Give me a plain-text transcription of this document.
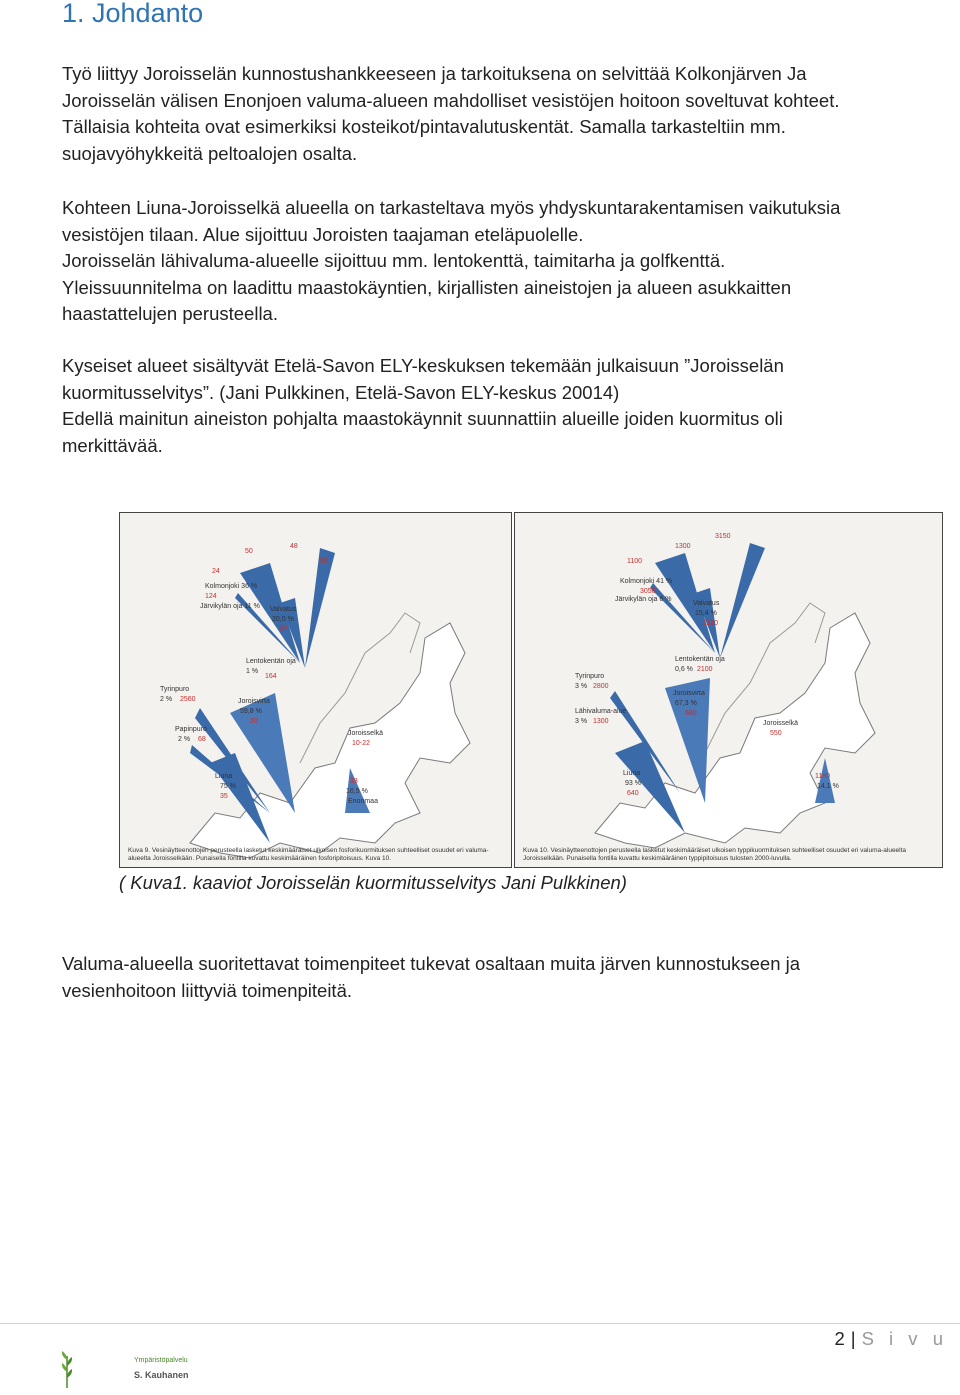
1. Johdanto
Työ liittyy Joroisselän kunnostushankkeeseen ja tarkoituksena on selvittää Kolkonjärven Ja
Joroisselän välisen Enonjoen valuma-alueen mahdolliset vesistöjen hoitoon soveltuvat kohteet.
Tällaisia kohteita ovat esimerkiksi kosteikot/pintavalutuskentät. Samalla tarkasteltiin mm.
suojavyöhykkeitä peltoalojen osalta.
Kohteen Liuna-Joroisselkä alueella on tarkasteltava myös yhdyskuntarakentamisen vaikutuksia
vesistöjen tilaan. Alue sijoittuu Joroisten taajaman eteläpuolelle.
Joroisselän lähivaluma-alueelle sijoittuu mm. lentokenttä, taimitarha ja golfkenttä.
Yleissuunnitelma on laadittu maastokäyntien, kirjallisten aineistojen ja alueen asukkaitten
haastattelujen perusteella.
Kyseiset alueet sisältyvät Etelä-Savon ELY-keskuksen tekemään julkaisuun ”Joroisselän
kuormitusselvitys”. (Jani Pulkkinen, Etelä-Savon ELY-keskus 20014)
Edellä mainitun aineiston pohjalta maastokäynnit suunnattiin alueille joiden kuormitus oli
merkittävää.
Liuna
75 %
35
Joroisselkä
10-22
Joroisvirta
59,8 %
20
Tyrinpuro
2 % 2560
Papinpuro
2 % 68
Lentokentän oja
1 %
164
Valvatus
20,0 %
67
Kolmonjoki 36 %
124
Järvikylän oja 11 %
Enonmaa
16,5 %
33
24
50
48
50
Kuva 9. Vesinäytteenottojen perusteella lasketut keskimääräiset ulkoisen fosforikuormituksen suhteelliset osuudet eri valuma-alueelta Joroisselkään. Punaisella fontilla kuvattu keskimääräinen fosforipitoisuus. Kuva 10.
Liuna
93 %
640
Joroisselkä
550
Joroisvirta
67,3 %
680
Tyrinpuro
3 % 2800
Lähivaluma-alue
3 % 1300
Lentokentän oja
0,6 % 2100
Valvatus
15,4 %
1120
Kolmonjoki 41 %
Järvikylän oja 6 %
14,1 %
1180
1100
1300
3150
3050
Kuva 10. Vesinäytteenottojen perusteella lasketut keskimääräiset ulkoisen typpikuormituksen suhteelliset osuudet eri valuma-alueelta Joroisselkään. Punaisella fontilla kuvattu keskimääräinen typpipitoisuus tulosten 2000-luvulla.
( Kuva1. kaaviot Joroisselän kuormitusselvitys Jani Pulkkinen)
Valuma-alueella suoritettavat toimenpiteet tukevat osaltaan muita järven kunnostukseen ja
vesienhoitoon liittyviä toimenpiteitä.
2 | S i v u
Ympäristöpalvelu
S. Kauhanen
